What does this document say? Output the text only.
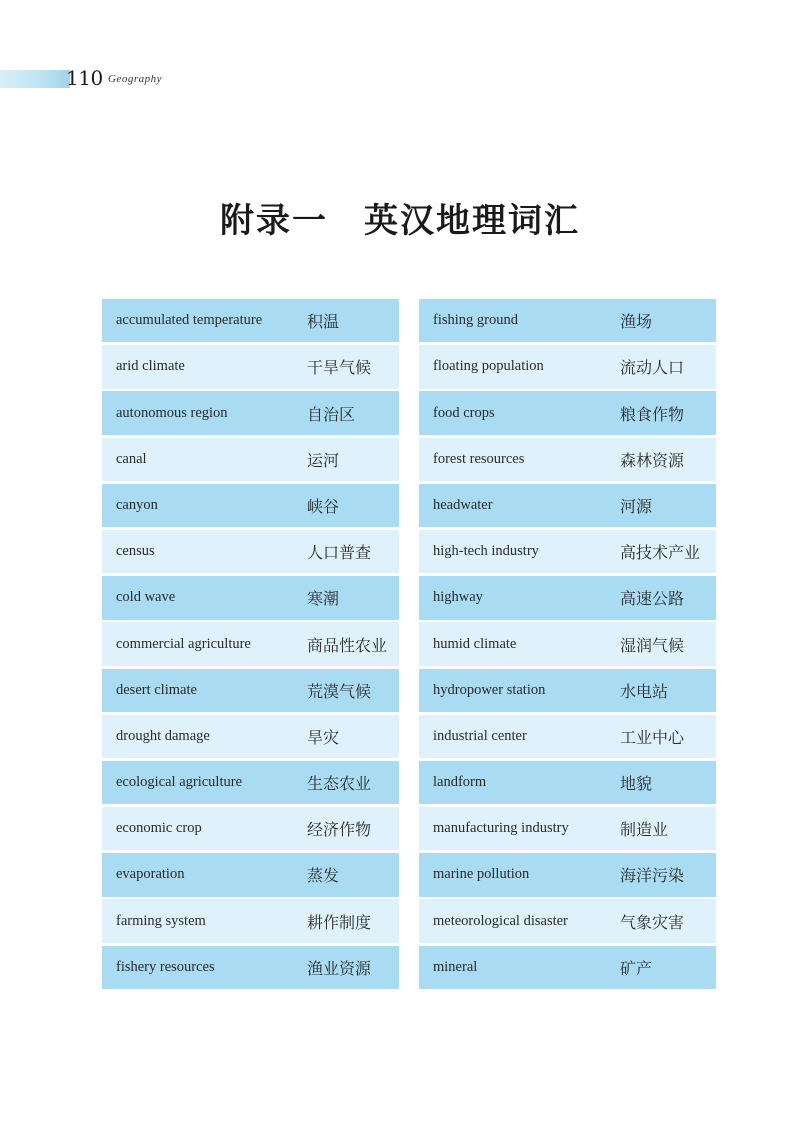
110 Geography
附录一　英汉地理词汇
accumulated temperature	积温
arid climate	干旱气候
autonomous region	自治区
canal	运河
canyon	峡谷
census	人口普查
cold wave	寒潮
commercial agriculture	商品性农业
desert climate	荒漠气候
drought damage	旱灾
ecological agriculture	生态农业
economic crop	经济作物
evaporation	蒸发
farming system	耕作制度
fishery resources	渔业资源
fishing ground	渔场
floating population	流动人口
food crops	粮食作物
forest resources	森林资源
headwater	河源
high-tech industry	高技术产业
highway	高速公路
humid climate	湿润气候
hydropower station	水电站
industrial center	工业中心
landform	地貌
manufacturing industry	制造业
marine pollution	海洋污染
meteorological disaster	气象灾害
mineral	矿产
